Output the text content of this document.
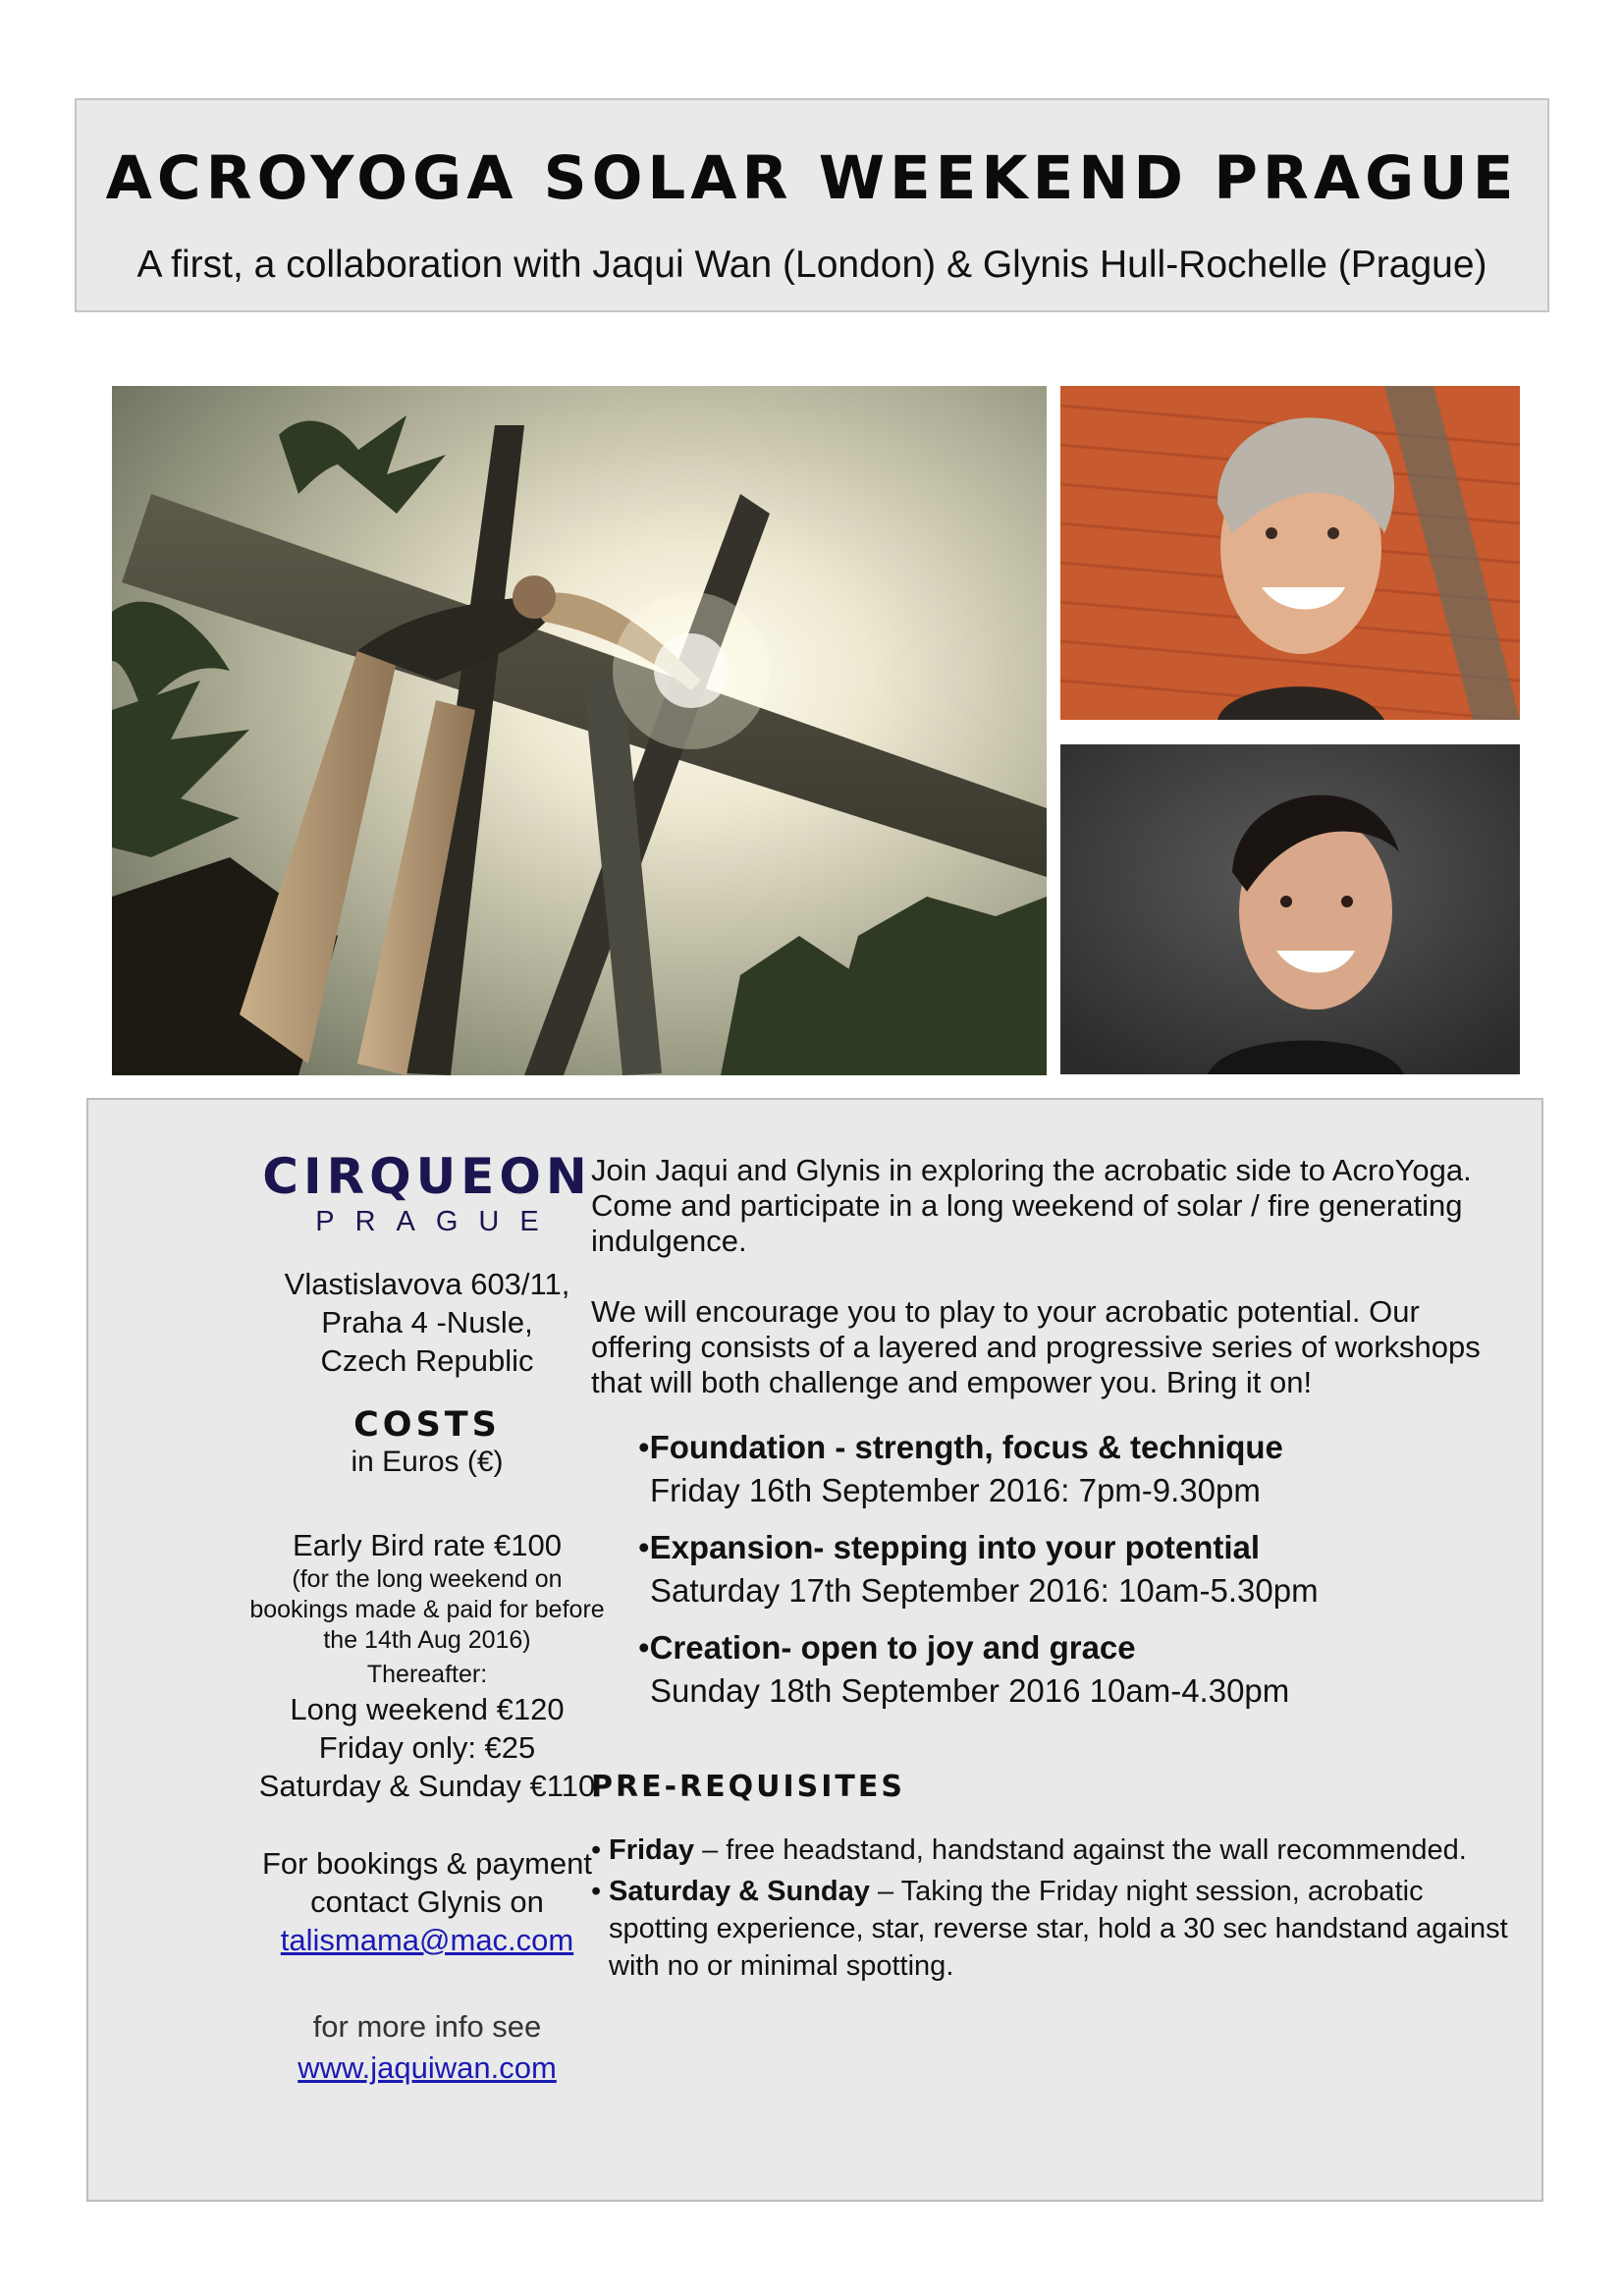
ACROYOGA SOLAR WEEKEND PRAGUE
A first, a collaboration with Jaqui Wan (London) & Glynis Hull-Rochelle (Prague)
CIRQUEON
PRAGUE
Vlastislavova 603/11,
Praha 4 -Nusle,
Czech Republic
COSTS
in Euros (€)
Early Bird rate €100
(for the long weekend on
bookings made & paid for before
the 14th Aug 2016)
Thereafter:
Long weekend €120
Friday only: €25
Saturday & Sunday €110
For bookings & payment
contact Glynis on
talismama@mac.com
for more info see
www.jaquiwan.com
Join Jaqui and Glynis in exploring the acrobatic side to AcroYoga. Come and participate in a long weekend of solar / fire generating indulgence.
We will encourage you to play to your acrobatic potential. Our offering consists of a layered and progressive series of workshops that will both challenge and empower you. Bring it on!
•Foundation - strength, focus & technique
Friday 16th September 2016: 7pm-9.30pm
•Expansion- stepping into your potential
Saturday 17th September 2016: 10am-5.30pm
•Creation- open to joy and grace
Sunday 18th September 2016 10am-4.30pm
PRE-REQUISITES
• Friday – free headstand, handstand against the wall recommended.
• Saturday & Sunday – Taking the Friday night session, acrobatic spotting experience, star, reverse star, hold a 30 sec handstand against with no or minimal spotting.
